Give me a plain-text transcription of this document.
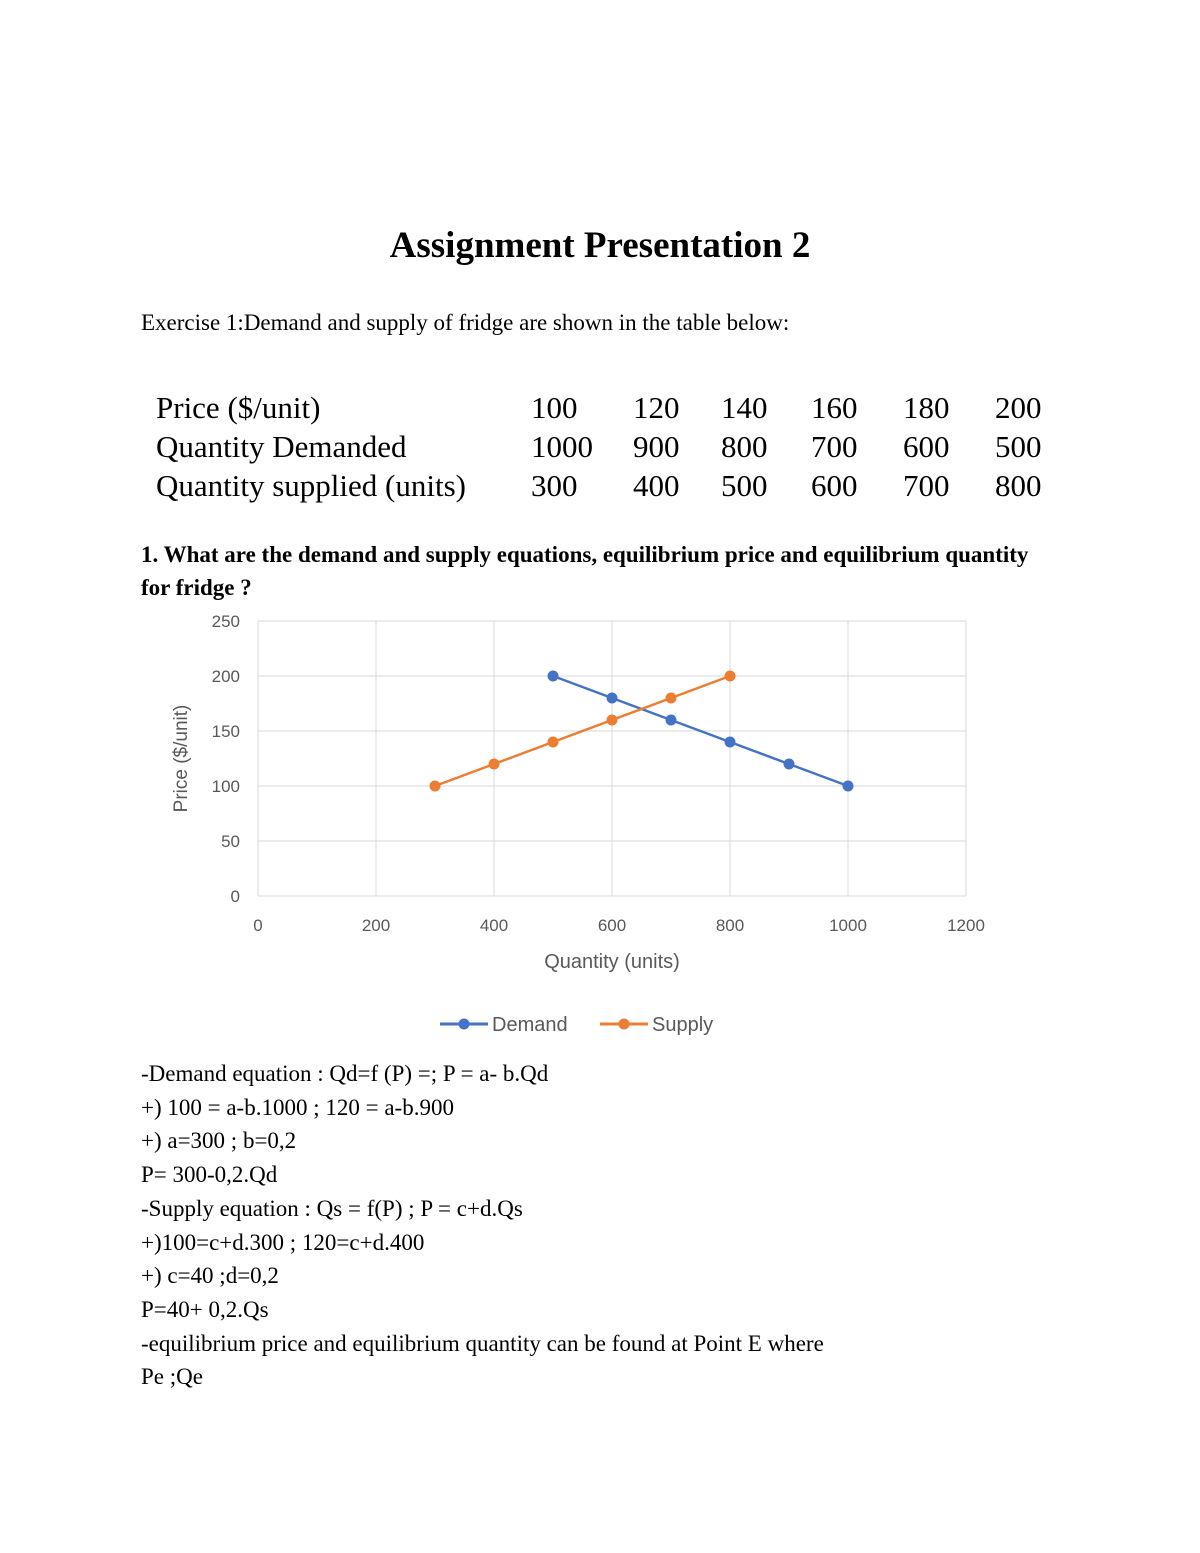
Assignment Presentation 2

Exercise 1:Demand and supply of fridge are shown in the table below:

Price ($/unit)	100	120	140	160	180	200
Quantity Demanded	1000	900	800	700	600	500
Quantity supplied (units)	300	400	500	600	700	800

1. What are the demand and supply equations, equilibrium price and equilibrium quantity for fridge ?

0
50
100
150
200
250
0	200	400	600	800	1000	1200
Quantity (units)
Price ($/unit)
Demand	Supply
-Demand equation : Qd=f (P) =; P = a- b.Qd
+) 100 = a-b.1000 ; 120 = a-b.900
+) a=300 ; b=0,2
P= 300-0,2.Qd
-Supply equation : Qs = f(P) ; P = c+d.Qs
+)100=c+d.300 ; 120=c+d.400
+) c=40 ;d=0,2
P=40+ 0,2.Qs
-equilibrium price and equilibrium quantity can be found at Point E where
Pe ;Qe
